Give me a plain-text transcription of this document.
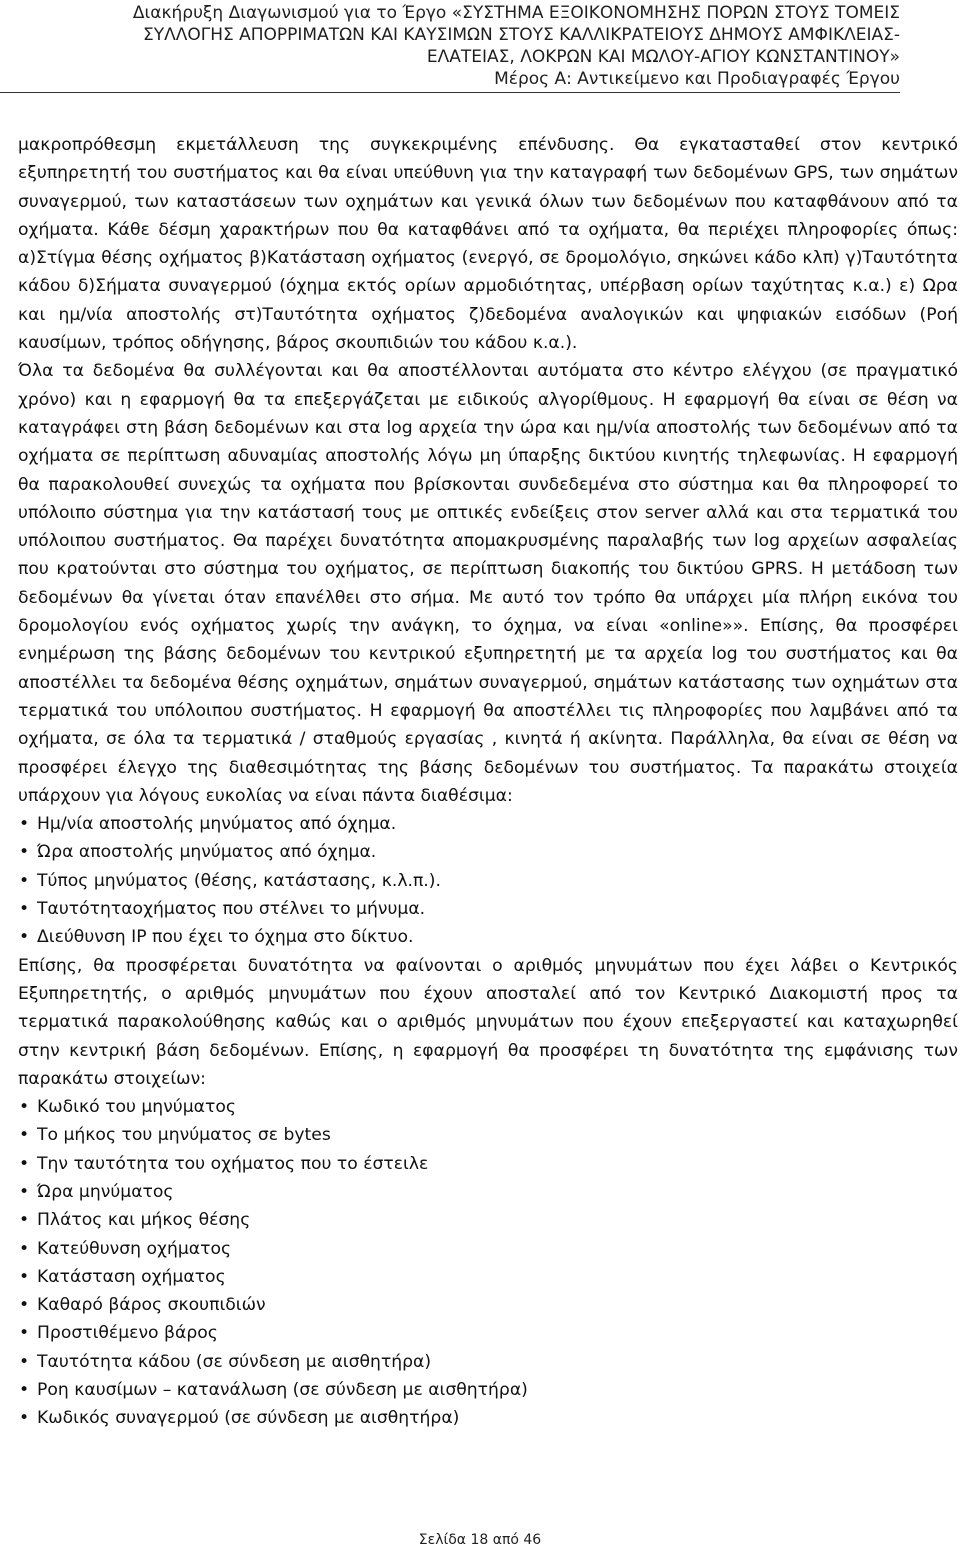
Διακήρυξη Διαγωνισμού για το Έργο «ΣΥΣΤΗΜΑ ΕΞΟΙΚΟΝΟΜΗΣΗΣ ΠΟΡΩΝ ΣΤΟΥΣ ΤΟΜΕΙΣ
ΣΥΛΛΟΓΗΣ ΑΠΟΡΡΙΜΑΤΩΝ ΚΑΙ ΚΑΥΣΙΜΩΝ ΣΤΟΥΣ ΚΑΛΛΙΚΡΑΤΕΙΟΥΣ ΔΗΜΟΥΣ ΑΜΦΙΚΛΕΙΑΣ-
ΕΛΑΤΕΙΑΣ, ΛΟΚΡΩΝ ΚΑΙ ΜΩΛΟΥ-ΑΓΙΟΥ ΚΩΝΣΤΑΝΤΙΝΟΥ»
Μέρος Α: Αντικείμενο και Προδιαγραφές Έργου

μακροπρόθεσμη εκμετάλλευση της συγκεκριμένης επένδυσης. Θα εγκατασταθεί στον κεντρικό εξυπηρετητή του συστήματος και θα είναι υπεύθυνη για την καταγραφή των δεδομένων GPS, των σημάτων συναγερμού, των καταστάσεων των οχημάτων και γενικά όλων των δεδομένων που καταφθάνουν από τα οχήματα. Κάθε δέσμη χαρακτήρων που θα καταφθάνει από τα οχήματα, θα περιέχει πληροφορίες όπως: α)Στίγμα θέσης οχήματος β)Κατάσταση οχήματος (ενεργό, σε δρομολόγιο, σηκώνει κάδο κλπ) γ)Ταυτότητα κάδου δ)Σήματα συναγερμού (όχημα εκτός ορίων αρμοδιότητας, υπέρβαση ορίων ταχύτητας κ.α.) ε) Ωρα και ημ/νία αποστολής στ)Ταυτότητα οχήματος ζ)δεδομένα αναλογικών και ψηφιακών εισόδων (Ροή καυσίμων, τρόπος οδήγησης, βάρος σκουπιδιών του κάδου κ.α.).

Όλα τα δεδομένα θα συλλέγονται και θα αποστέλλονται αυτόματα στο κέντρο ελέγχου (σε πραγματικό χρόνο) και η εφαρμογή θα τα επεξεργάζεται με ειδικούς αλγορίθμους. Η εφαρμογή θα είναι σε θέση να καταγράφει στη βάση δεδομένων και στα log αρχεία την ώρα και ημ/νία αποστολής των δεδομένων από τα οχήματα σε περίπτωση αδυναμίας αποστολής λόγω μη ύπαρξης δικτύου κινητής τηλεφωνίας. Η εφαρμογή θα παρακολουθεί συνεχώς τα οχήματα που βρίσκονται συνδεδεμένα στο σύστημα και θα πληροφορεί το υπόλοιπο σύστημα για την κατάστασή τους με οπτικές ενδείξεις στον server αλλά και στα τερματικά του υπόλοιπου συστήματος. Θα παρέχει δυνατότητα απομακρυσμένης παραλαβής των log αρχείων ασφαλείας που κρατούνται στο σύστημα του οχήματος, σε περίπτωση διακοπής του δικτύου GPRS. Η μετάδοση των δεδομένων θα γίνεται όταν επανέλθει στο σήμα. Με αυτό τον τρόπο θα υπάρχει μία πλήρη εικόνα του δρομολογίου ενός οχήματος χωρίς την ανάγκη, το όχημα, να είναι «online»». Επίσης, θα προσφέρει ενημέρωση της βάσης δεδομένων του κεντρικού εξυπηρετητή με τα αρχεία log του συστήματος και θα αποστέλλει τα δεδομένα θέσης οχημάτων, σημάτων συναγερμού, σημάτων κατάστασης των οχημάτων στα τερματικά του υπόλοιπου συστήματος. Η εφαρμογή θα αποστέλλει τις πληροφορίες που λαμβάνει από τα οχήματα, σε όλα τα τερματικά / σταθμούς εργασίας , κινητά ή ακίνητα. Παράλληλα, θα είναι σε θέση να προσφέρει έλεγχο της διαθεσιμότητας της βάσης δεδομένων του συστήματος. Τα παρακάτω στοιχεία υπάρχουν για λόγους ευκολίας να είναι πάντα διαθέσιμα:

• Ημ/νία αποστολής μηνύματος από όχημα.
• Ώρα αποστολής μηνύματος από όχημα.
• Τύπος μηνύματος (θέσης, κατάστασης, κ.λ.π.).
• Ταυτότηταοχήματος που στέλνει το μήνυμα.
• Διεύθυνση IP που έχει το όχημα στο δίκτυο.

Επίσης, θα προσφέρεται δυνατότητα να φαίνονται ο αριθμός μηνυμάτων που έχει λάβει ο Κεντρικός Εξυπηρετητής, ο αριθμός μηνυμάτων που έχουν αποσταλεί από τον Κεντρικό Διακομιστή προς τα τερματικά παρακολούθησης καθώς και ο αριθμός μηνυμάτων που έχουν επεξεργαστεί και καταχωρηθεί στην κεντρική βάση δεδομένων. Επίσης, η εφαρμογή θα προσφέρει τη δυνατότητα της εμφάνισης των παρακάτω στοιχείων:

• Κωδικό του μηνύματος
• Το μήκος του μηνύματος σε bytes
• Την ταυτότητα του οχήματος που το έστειλε
• Ώρα μηνύματος
• Πλάτος και μήκος θέσης
• Κατεύθυνση οχήματος
• Κατάσταση οχήματος
• Καθαρό βάρος σκουπιδιών
• Προστιθέμενο βάρος
• Ταυτότητα κάδου (σε σύνδεση με αισθητήρα)
• Ροη καυσίμων – κατανάλωση (σε σύνδεση με αισθητήρα)
• Κωδικός συναγερμού (σε σύνδεση με αισθητήρα)
Σελίδα 18 από 46
